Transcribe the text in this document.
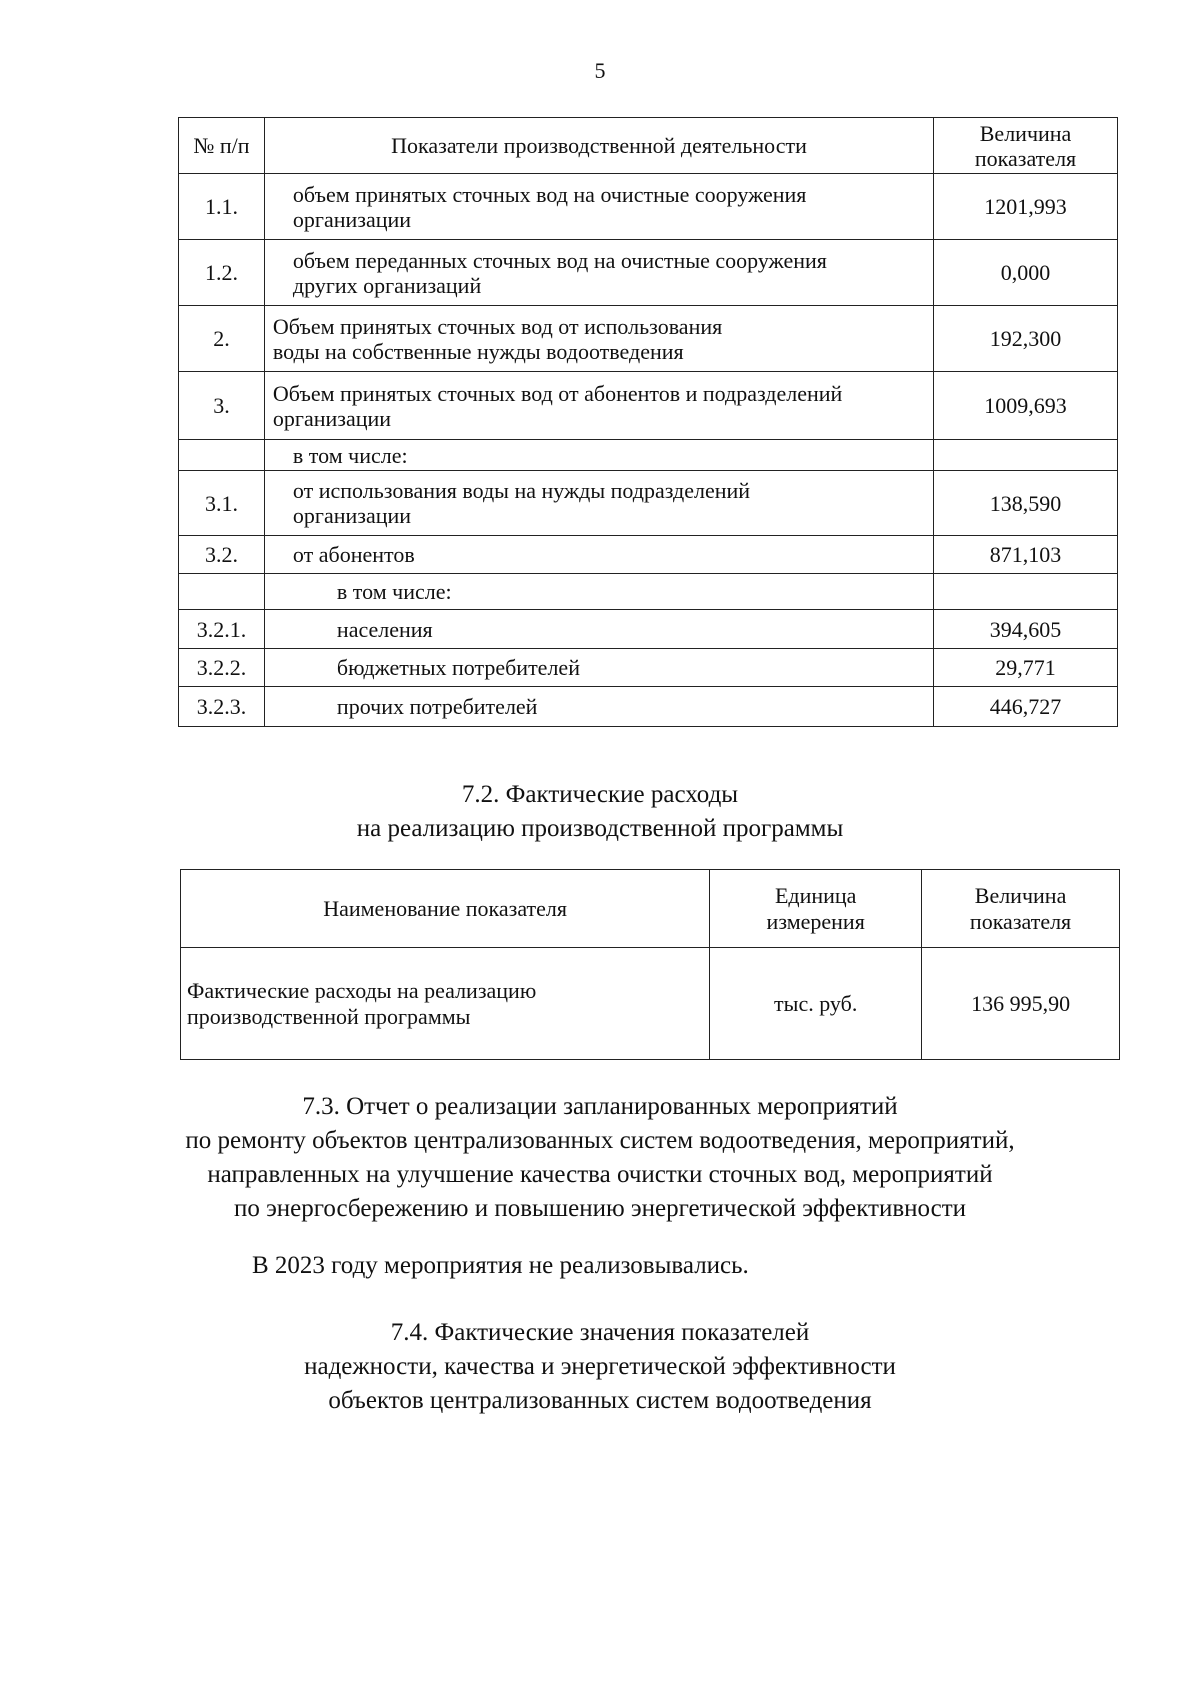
5
№ п/п	Показатели производственной деятельности	Величина показателя
1.1.	объем принятых сточных вод на очистные сооружения организации	1201,993
1.2.	объем переданных сточных вод на очистные сооружения других организаций	0,000
2.	Объем принятых сточных вод от использования воды на собственные нужды водоотведения	192,300
3.	Объем принятых сточных вод от абонентов и подразделений организации	1009,693
	в том числе:	
3.1.	от использования воды на нужды подразделений организации	138,590
3.2.	от абонентов	871,103
	в том числе:	
3.2.1.	населения	394,605
3.2.2.	бюджетных потребителей	29,771
3.2.3.	прочих потребителей	446,727
7.2. Фактические расходы
на реализацию производственной программы
Наименование показателя	Единица измерения	Величина показателя
Фактические расходы на реализацию производственной программы	тыс. руб.	136 995,90
7.3. Отчет о реализации запланированных мероприятий
по ремонту объектов централизованных систем водоотведения, мероприятий,
направленных на улучшение качества очистки сточных вод, мероприятий
по энергосбережению и повышению энергетической эффективности
В 2023 году мероприятия не реализовывались.
7.4. Фактические значения показателей
надежности, качества и энергетической эффективности
объектов централизованных систем водоотведения
